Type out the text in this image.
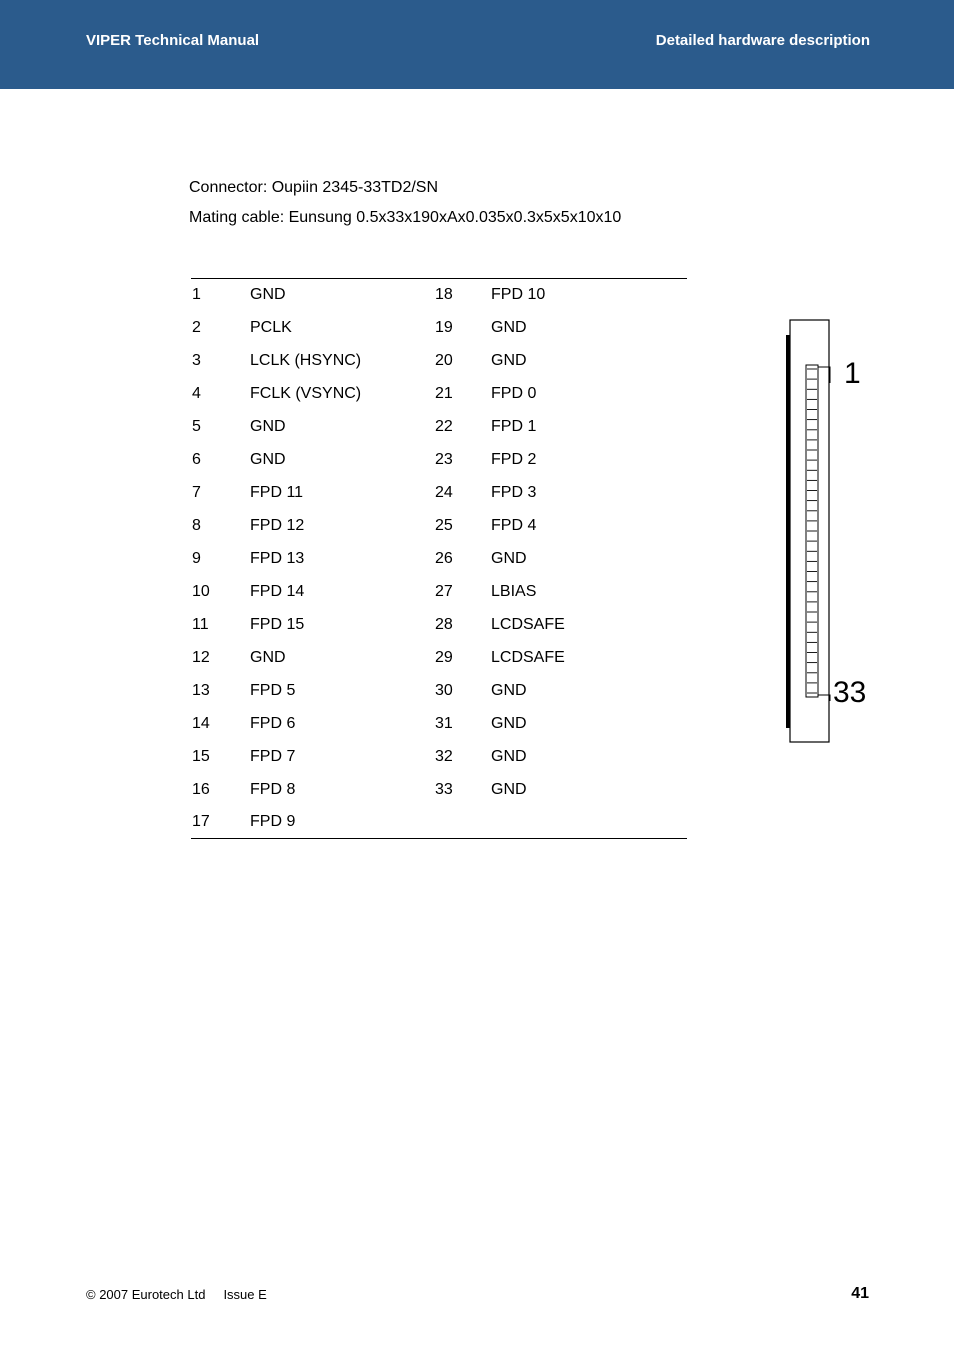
VIPER Technical Manual	Detailed hardware description
Connector: Oupiin 2345-33TD2/SN
Mating cable: Eunsung 0.5x33x190xAx0.035x0.3x5x5x10x10
1	GND	18	FPD 10
2	PCLK	19	GND
3	LCLK (HSYNC)	20	GND
4	FCLK (VSYNC)	21	FPD 0
5	GND	22	FPD 1
6	GND	23	FPD 2
7	FPD 11	24	FPD 3
8	FPD 12	25	FPD 4
9	FPD 13	26	GND
10	FPD 14	27	LBIAS
11	FPD 15	28	LCDSAFE
12	GND	29	LCDSAFE
13	FPD 5	30	GND
14	FPD 6	31	GND
15	FPD 7	32	GND
16	FPD 8	33	GND
17	FPD 9		
1
33
© 2007 Eurotech Ltd Issue E	41
